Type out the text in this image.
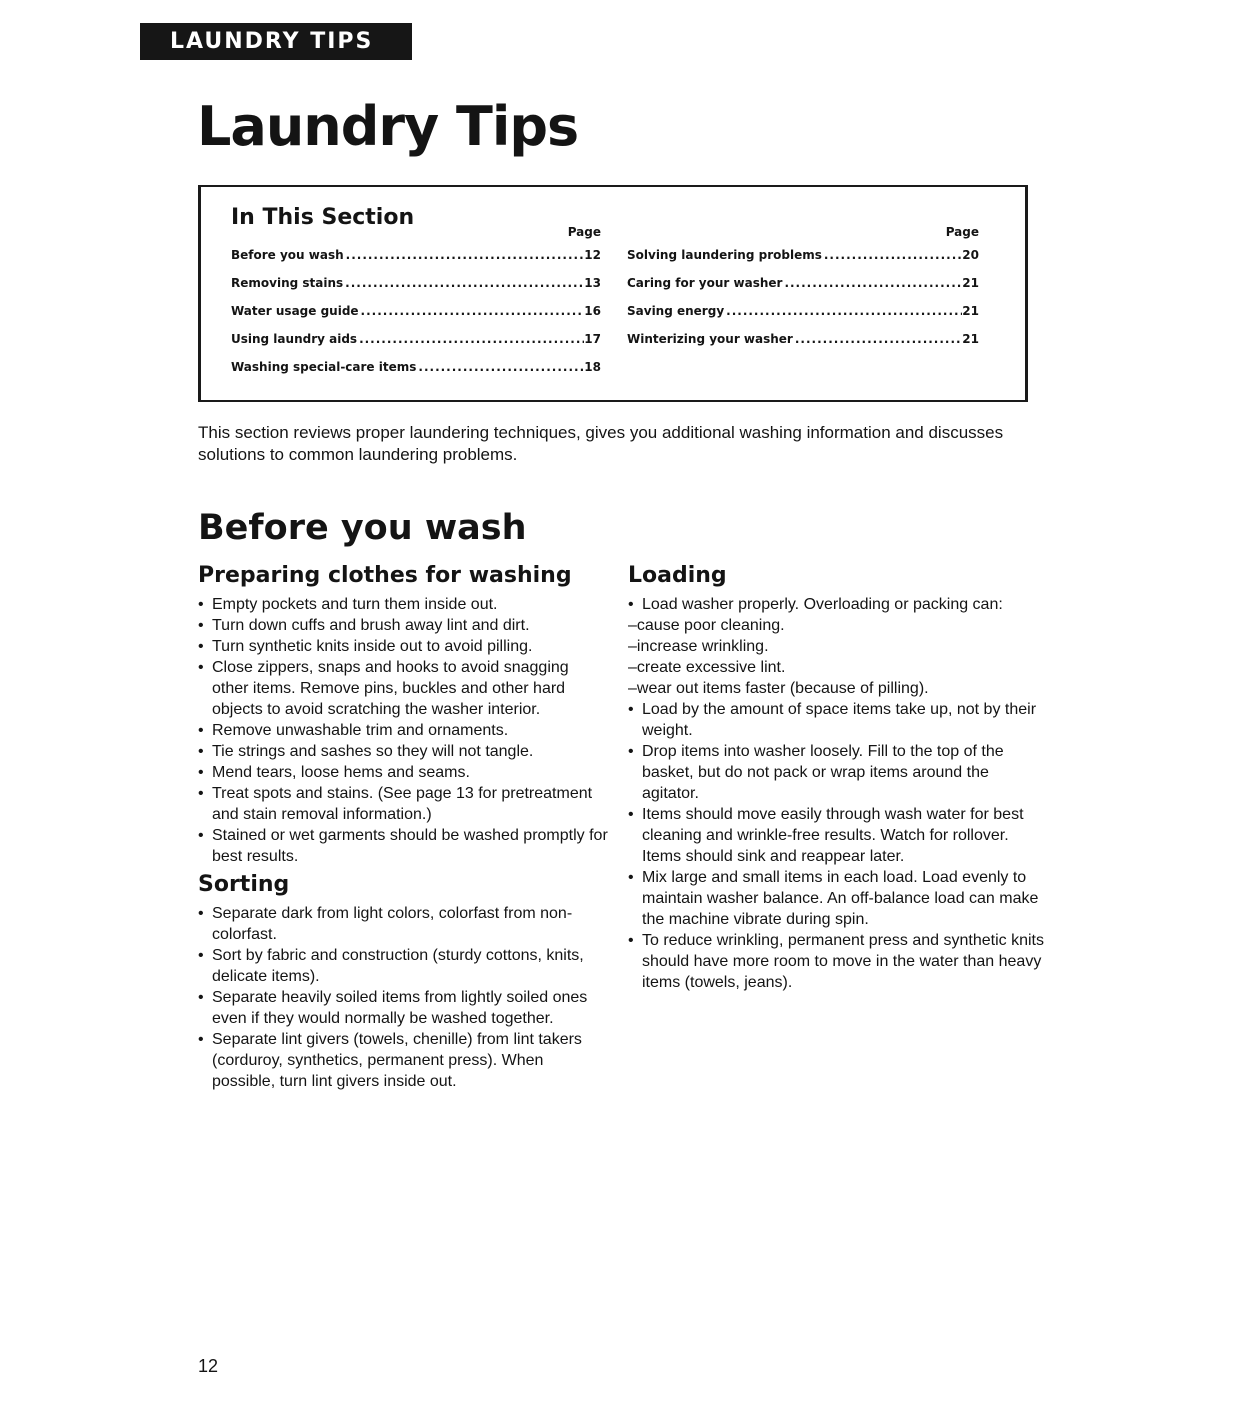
LAUNDRY TIPS
Laundry Tips
In This Section
Page
Before you wash .....	12
Removing stains .....	13
Water usage guide .....	16
Using laundry aids .....	17
Washing special-care items .....	18
Page
Solving laundering problems .....	20
Caring for your washer .....	21
Saving energy .....	21
Winterizing your washer .....	21

This section reviews proper laundering techniques, gives you additional washing information and discusses solutions to common laundering problems.

Before you wash
Preparing clothes for washing
• Empty pockets and turn them inside out.
• Turn down cuffs and brush away lint and dirt.
• Turn synthetic knits inside out to avoid pilling.
• Close zippers, snaps and hooks to avoid snagging other items. Remove pins, buckles and other hard objects to avoid scratching the washer interior.
• Remove unwashable trim and ornaments.
• Tie strings and sashes so they will not tangle.
• Mend tears, loose hems and seams.
• Treat spots and stains. (See page 13 for pretreatment and stain removal information.)
• Stained or wet garments should be washed promptly for best results.
Sorting
• Separate dark from light colors, colorfast from non-colorfast.
• Sort by fabric and construction (sturdy cottons, knits, delicate items).
• Separate heavily soiled items from lightly soiled ones even if they would normally be washed together.
• Separate lint givers (towels, chenille) from lint takers (corduroy, synthetics, permanent press). When possible, turn lint givers inside out.
Loading
• Load washer properly. Overloading or packing can:
–cause poor cleaning.
–increase wrinkling.
–create excessive lint.
–wear out items faster (because of pilling).
• Load by the amount of space items take up, not by their weight.
• Drop items into washer loosely. Fill to the top of the basket, but do not pack or wrap items around the agitator.
• Items should move easily through wash water for best cleaning and wrinkle-free results. Watch for rollover. Items should sink and reappear later.
• Mix large and small items in each load. Load evenly to maintain washer balance. An off-balance load can make the machine vibrate during spin.
• To reduce wrinkling, permanent press and synthetic knits should have more room to move in the water than heavy items (towels, jeans).
12
